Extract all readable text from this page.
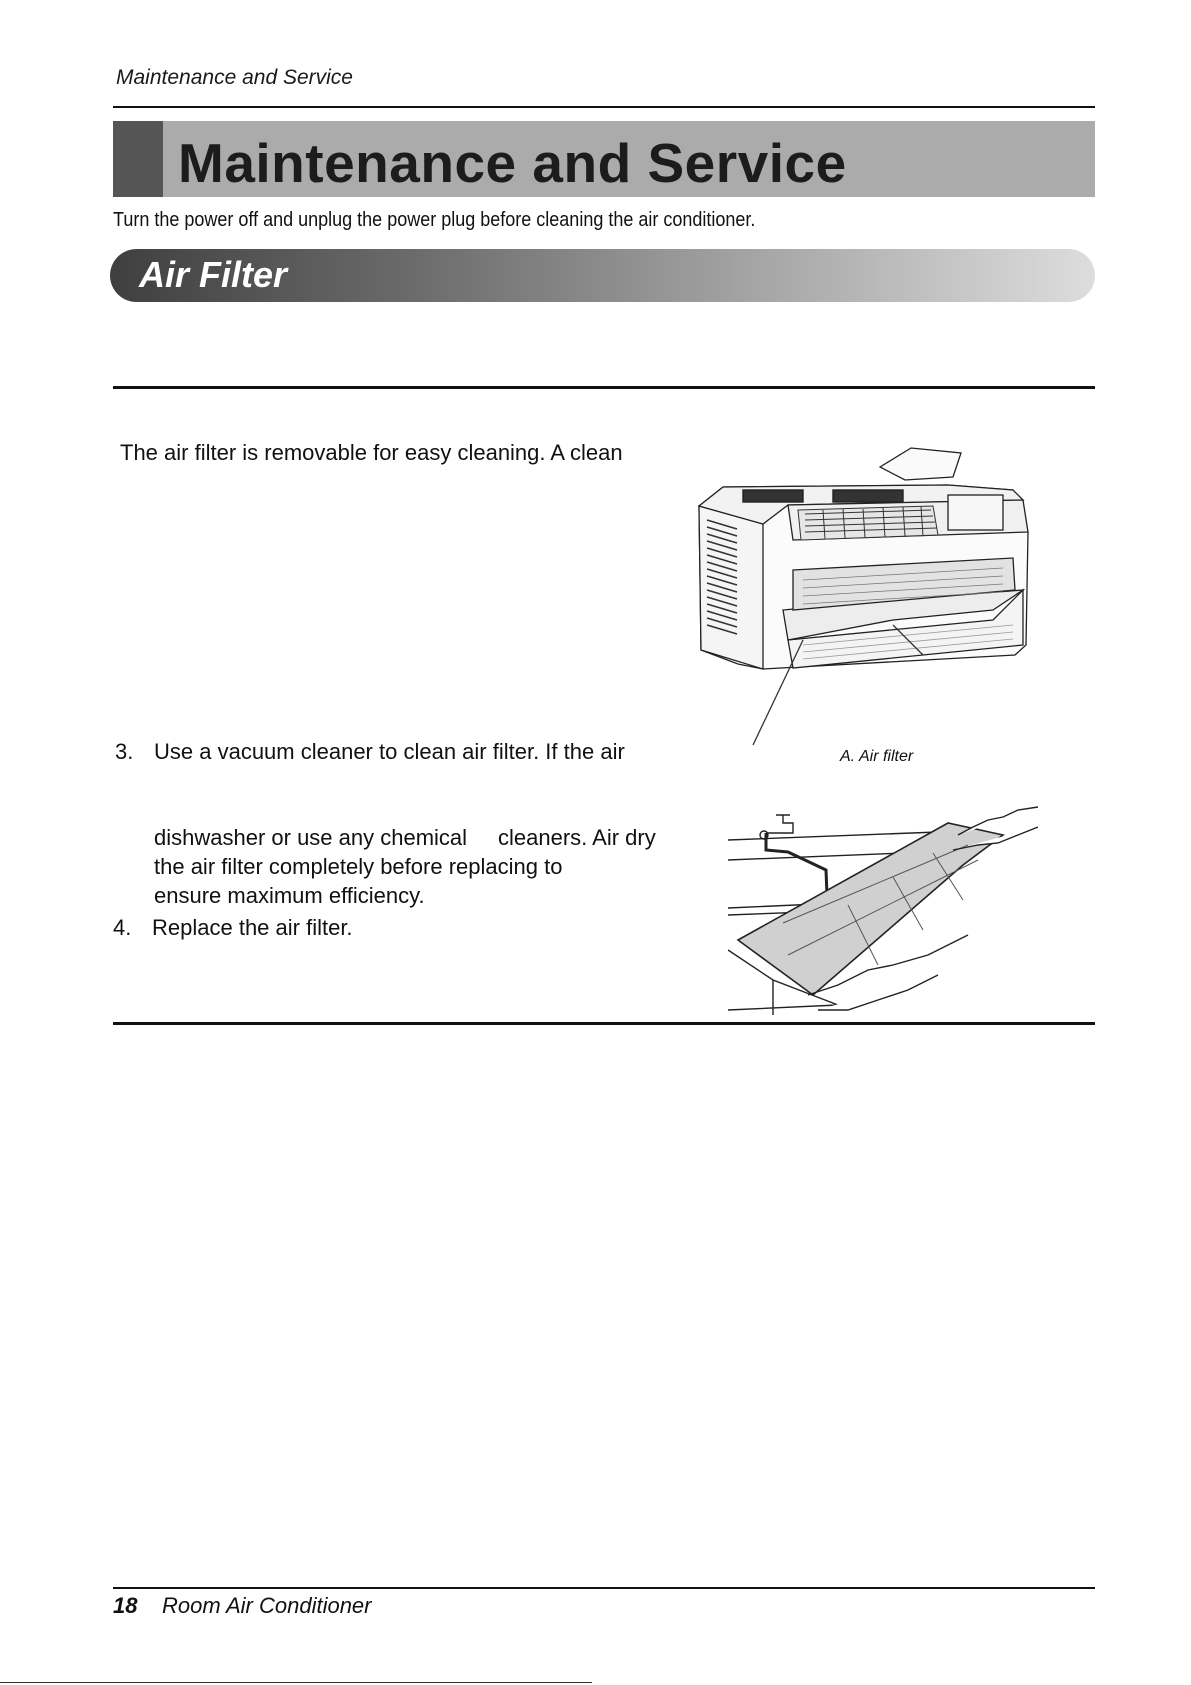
Maintenance and Service
Maintenance and Service
Turn the power off and unplug the power plug before cleaning the air conditioner.
Air Filter
The air filter is removable for easy cleaning. A clean
3. Use a vacuum cleaner to clean air filter. If the air
dishwasher or use any chemical cleaners. Air dry
the air filter completely before replacing to
ensure maximum efficiency.
4. Replace the air filter.
A. Air filter
18 Room Air Conditioner
